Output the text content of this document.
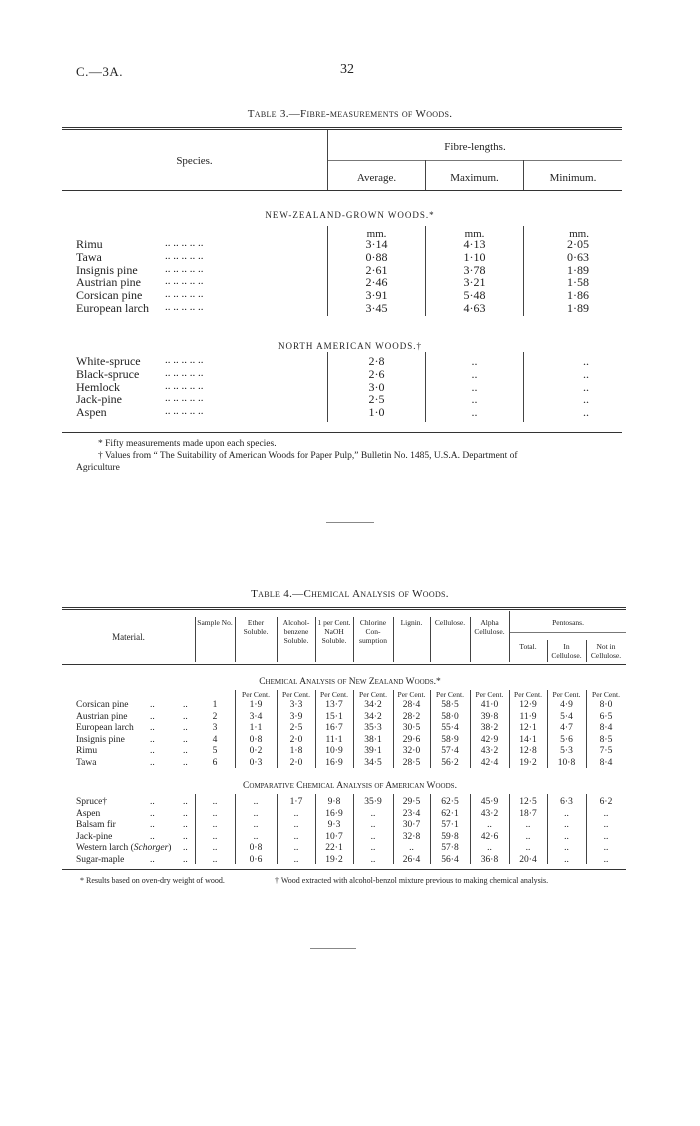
C.—3A.	32
Table 3.—Fibre-measurements of Woods.
Species.
Fibre-lengths.
Average.	Maximum.	Minimum.
NEW-ZEALAND-GROWN WOODS.*
mm.	mm.	mm.
Rimu	.. .. .. .. ..	3·14	4·13	2·05
Tawa	.. .. .. .. ..	0·88	1·10	0·63
Insignis pine .. .. .. .. ..	2·61	3·78	1·89
Austrian pine .. .. .. .. ..	2·46	3·21	1·58
Corsican pine .. .. .. .. ..	3·91	5·48	1·86
European larch .. .. .. .. ..	3·45	4·63	1·89
NORTH AMERICAN WOODS.†
White-spruce .. .. .. .. ..	2·8	..	..
Black-spruce .. .. .. .. ..	2·6	..	..
Hemlock	.. .. .. .. ..	3·0	..	..
Jack-pine	.. .. .. .. ..	2·5	..	..
Aspen	.. .. .. .. ..	1·0	..	..
* Fifty measurements made upon each species.
† Values from “ The Suitability of American Woods for Paper Pulp,” Bulletin No. 1485, U.S.A. Department of
Agriculture
Table 4.—Chemical Analysis of Woods.
Material.
Sample No.	Ether Soluble.
Alcohol-benzene Soluble.
1 per Cent. NaOH Soluble.
Chlorine Con-sumption
Lignin.	Cellulose.	Alpha Cellulose.
Total.	In Cellulose.
Not in Cellulose.
Pentosans.
Chemical Analysis of New Zealand Woods.*
Per Cent.	Per Cent.	Per Cent.	Per Cent.	Per Cent.	Per Cent.	Per Cent.	Per Cent.	Per Cent.	Per Cent.
Corsican pine ..	..	1	1·9	3·3	13·7	34·2	28·4	58·5	41·0	12·9	4·9	8·0
Austrian pine ..	..	2	3·4	3·9	15·1	34·2	28·2	58·0	39·8	11·9	5·4	6·5
European larch ..	..	3	1·1	2·5	16·7	35·3	30·5	55·4	38·2	12·1	4·7	8·4
Insignis pine	..	..	4	0·8	2·0	11·1	38·1	29·6	58·9	42·9	14·1	5·6	8·5
Rimu	..	..	5	0·2	1·8	10·9	39·1	32·0	57·4	43·2	12·8	5·3	7·5
Tawa	..	..	6	0·3	2·0	16·9	34·5	28·5	56·2	42·4	19·2	10·8	8·4
Comparative Chemical Analysis of American Woods.
Spruce†	..	..	..	..	1·7	9·8	35·9	29·5	62·5	45·9	12·5	6·3	6·2
Aspen	..	..	..	..	..	16·9	..	23·4	62·1	43·2	18·7	..	..
Balsam fir	..	..	..	..	..	9·3	..	30·7	57·1	..	..	..	..
Jack-pine	..	..	..	..	..	10·7	..	32·8	59·8	42·6	..	..	..
Western larch (Schorger) ..	..	0·8	..	22·1	..	..	57·8	..	..	..	..
Sugar-maple	..	..	..	0·6	..	19·2	..	26·4	56·4	36·8	20·4	..	..
* Results based on oven-dry weight of wood.	† Wood extracted with alcohol-benzol mixture previous to making chemical analysis.
